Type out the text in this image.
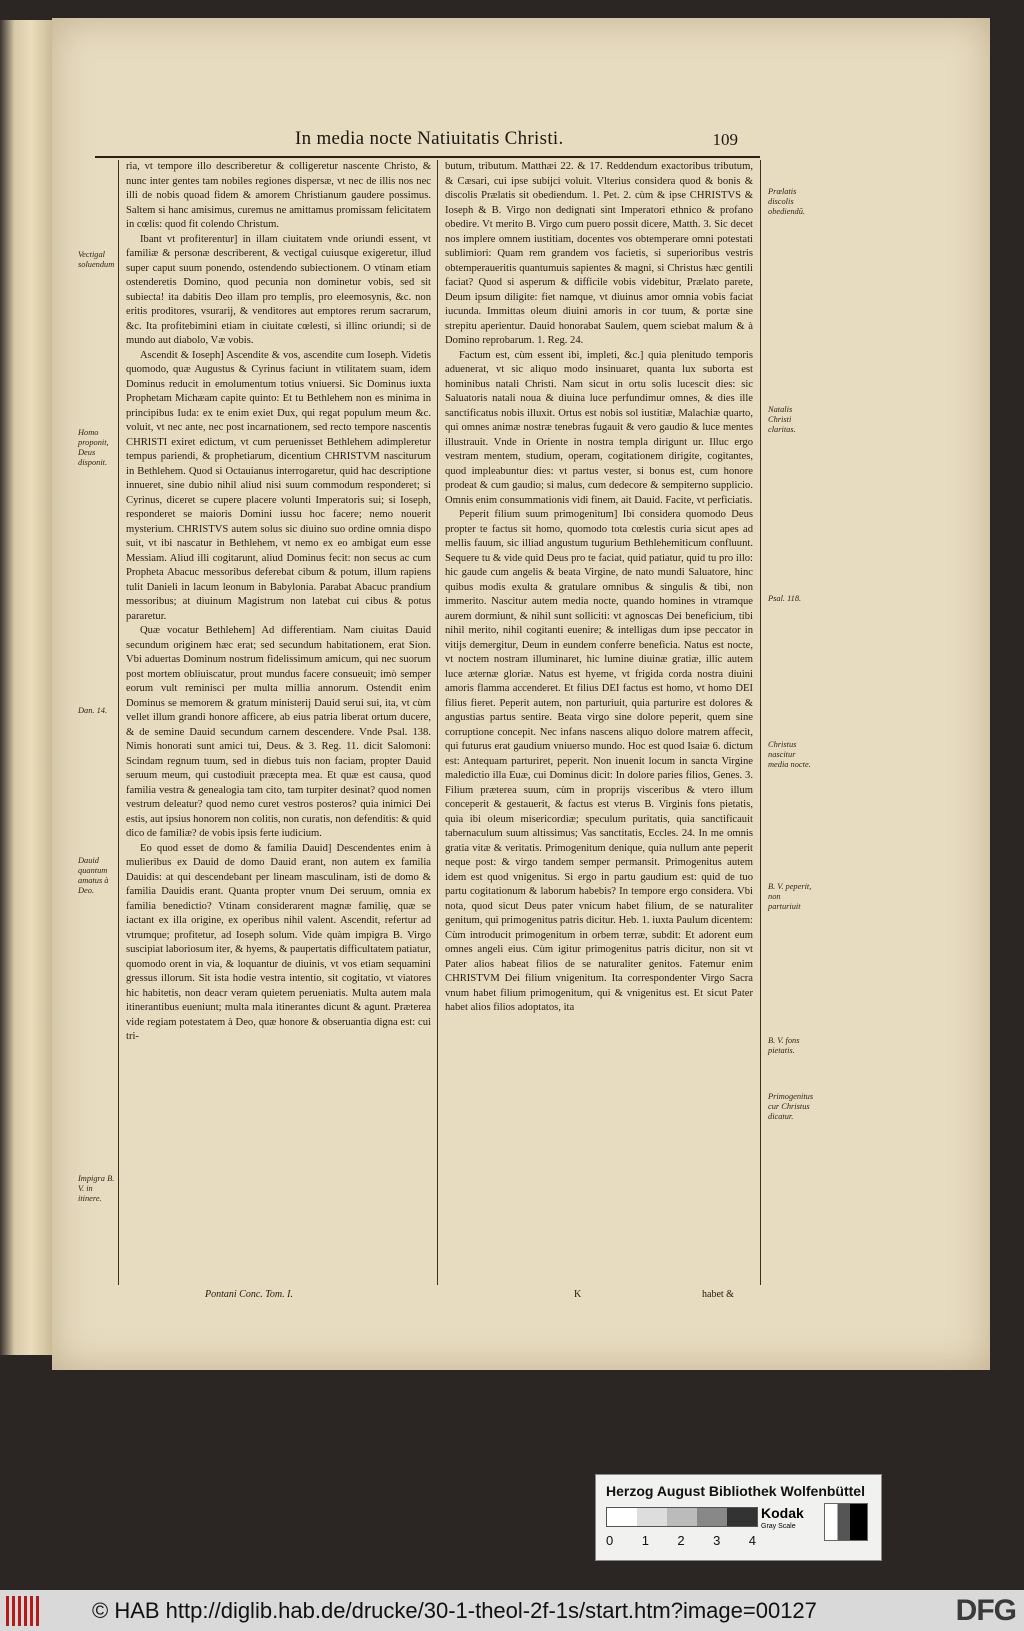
In media nocte Natiuitatis Christi.	109

ria, vt tempore illo describeretur & colligeretur nascente Christo, & nunc inter gentes tam nobiles regiones dispersæ, vt nec de illis nos nec illi de nobis quoad fidem & amorem Christianum gaudere possimus. Saltem si hanc amisimus, curemus ne amittamus promissam felicitatem in cœlis: quod fit colendo Christum.

Ibant vt profiterentur] in illam ciuitatem vnde oriundi essent, vt familiæ & personæ describerent, & vectigal cuiusque exigeretur, illud super caput suum ponendo, ostendendo subiectionem. O vtinam etiam ostenderetis Domino, quod pecunia non dominetur vobis, sed sit subiecta! ita dabitis Deo illam pro templis, pro eleemosynis, &c. non eritis proditores, vsurarij, & venditores aut emptores rerum sacrarum, &c. Ita profitebimini etiam in ciuitate cœlesti, si illinc oriundi; si de mundo aut diabolo, Væ vobis.

Ascendit & Ioseph] Ascendite & vos, ascendite cum Ioseph. Videtis quomodo, quæ Augustus & Cyrinus faciunt in vtilitatem suam, idem Dominus reducit in emolumentum totius vniuersi. Sic Dominus iuxta Prophetam Michæam capite quinto: Et tu Bethlehem non es minima in principibus Iuda: ex te enim exiet Dux, qui regat populum meum &c. voluit, vt nec ante, nec post incarnationem, sed recto tempore nascentis CHRISTI exiret edictum, vt cum peruenisset Bethlehem adimpleretur tempus pariendi, & prophetiarum, dicentium CHRISTVM nasciturum in Bethlehem. Quod si Octauianus interrogaretur, quid hac descriptione innueret, sine dubio nihil aliud nisi suum commodum responderet; si Cyrinus, diceret se cupere placere volunti Imperatoris sui; si Ioseph, responderet se maioris Domini iussu hoc facere; nemo nouerit mysterium. CHRISTVS autem solus sic diuino suo ordine omnia dispo suit, vt ibi nascatur in Bethlehem, vt nemo ex eo ambigat eum esse Messiam. Aliud illi cogitarunt, aliud Dominus fecit: non secus ac cum Propheta Abacuc messoribus deferebat cibum & potum, illum rapiens tulit Danieli in lacum leonum in Babylonia. Parabat Abacuc prandium messoribus; at diuinum Magistrum non latebat cui cibus & potus pararetur.

Quæ vocatur Bethlehem] Ad differentiam. Nam ciuitas Dauid secundum originem hæc erat; sed secundum habitationem, erat Sion. Vbi aduertas Dominum nostrum fidelissimum amicum, qui nec suorum post mortem obliuiscatur, prout mundus facere consueuit; imò semper eorum vult reminisci per multa millia annorum. Ostendit enim Dominus se memorem & gratum ministerij Dauid serui sui, ita, vt cùm vellet illum grandi honore afficere, ab eius patria liberat ortum ducere, & de semine Dauid secundum carnem descendere. Vnde Psal. 138. Nimis honorati sunt amici tui, Deus. & 3. Reg. 11. dicit Salomoni: Scindam regnum tuum, sed in diebus tuis non faciam, propter Dauid seruum meum, qui custodiuit præcepta mea. Et quæ est causa, quod familia vestra & genealogia tam cito, tam turpiter desinat? quod nomen vestrum deleatur? quod nemo curet vestros posteros? quia inimici Dei estis, aut ipsius honorem non colitis, non curatis, non defenditis: & quid dico de familiæ? de vobis ipsis ferte iudicium.

Eo quod esset de domo & familia Dauid] Descendentes enim à mulieribus ex Dauid de domo Dauid erant, non autem ex familia Dauidis: at qui descendebant per lineam masculinam, isti de domo & familia Dauidis erant. Quanta propter vnum Dei seruum, omnia ex familia benedictio? Vtinam considerarent magnæ familię, quæ se iactant ex illa origine, ex operibus nihil valent. Ascendit, refertur ad vtrumque; profitetur, ad Ioseph solum. Vide quàm impigra B. Virgo suscipiat laboriosum iter, & hyems, & paupertatis difficultatem patiatur, quomodo orent in via, & loquantur de diuinis, vt vos etiam sequamini gressus illorum. Sit ista hodie vestra intentio, sit cogitatio, vt viatores hic habitetis, non deacr veram quietem perueniatis. Multa autem mala itinerantibus eueniunt; multa mala itinerantes dicunt & agunt. Præterea vide regiam potestatem à Deo, quæ honore & obseruantia digna est: cui tri-

butum, tributum. Matthæi 22. & 17. Reddendum exactoribus tributum, & Cæsari, cui ipse subijci voluit. Vlterius considera quod & bonis & discolis Prælatis sit obediendum. 1. Pet. 2. cùm & ipse CHRISTVS & Ioseph & B. Virgo non dedignati sint Imperatori ethnico & profano obedire. Vt merito B. Virgo cum puero possit dicere, Matth. 3. Sic decet nos implere omnem iustitiam, docentes vos obtemperare omni potestati sublimiori: Quam rem grandem vos facietis, si superioribus vestris obtemperaueritis quantumuis sapientes & magni, si Christus hæc gentili faciat? Quod si asperum & difficile vobis videbitur, Prælato parete, Deum ipsum diligite: fiet namque, vt diuinus amor omnia vobis faciat iucunda. Immittas oleum diuini amoris in cor tuum, & portæ sine strepitu aperientur. Dauid honorabat Saulem, quem sciebat malum & à Domino reprobarum. 1. Reg. 24.

Factum est, cùm essent ibi, impleti, &c.] quia plenitudo temporis aduenerat, vt sic aliquo modo insinuaret, quanta lux suborta est hominibus natali Christi. Nam sicut in ortu solis lucescit dies: sic Saluatoris natali noua & diuina luce perfundimur omnes, & dies ille sanctificatus nobis illuxit. Ortus est nobis sol iustitiæ, Malachiæ quarto, qui omnes animæ nostræ tenebras fugauit & vero gaudio & luce mentes illustrauit. Vnde in Oriente in nostra templa dirigunt ur. Illuc ergo vestram mentem, studium, operam, cogitationem dirigite, cogitantes, quod impleabuntur dies: vt partus vester, si bonus est, cum honore prodeat & cum gaudio; si malus, cum dedecore & sempiterno supplicio. Omnis enim consummationis vidi finem, ait Dauid. Facite, vt perficiatis.

Peperit filium suum primogenitum] Ibi considera quomodo Deus propter te factus sit homo, quomodo tota cœlestis curia sicut apes ad mellis fauum, sic illiad angustum tugurium Bethlehemiticum confluunt. Sequere tu & vide quid Deus pro te faciat, quid patiatur, quid tu pro illo: hic gaude cum angelis & beata Virgine, de nato mundi Saluatore, hinc quibus modis exulta & gratulare omnibus & singulis & tibi, non immerito. Nascitur autem media nocte, quando homines in vtramque aurem dormiunt, & nihil sunt solliciti: vt agnoscas Dei beneficium, tibi nihil merito, nihil cogitanti euenire; & intelligas dum ipse peccator in vitijs demergitur, Deum in eundem conferre beneficia. Natus est nocte, vt noctem nostram illuminaret, hic lumine diuinæ gratiæ, illic autem luce æternæ gloriæ. Natus est hyeme, vt frigida corda nostra diuini amoris flamma accenderet. Et filius DEI factus est homo, vt homo DEI filius fieret. Peperit autem, non parturiuit, quia parturire est dolores & angustias partus sentire. Beata virgo sine dolore peperit, quem sine corruptione concepit. Nec infans nascens aliquo dolore matrem affecit, qui futurus erat gaudium vniuerso mundo. Hoc est quod Isaiæ 6. dictum est: Antequam parturiret, peperit. Non inuenit locum in sancta Virgine maledictio illa Euæ, cui Dominus dicit: In dolore paries filios, Genes. 3. Filium præterea suum, cùm in proprijs visceribus & vtero illum conceperit & gestauerit, & factus est vterus B. Virginis fons pietatis, quia ibi oleum misericordiæ; speculum puritatis, quia sanctificauit tabernaculum suum altissimus; Vas sanctitatis, Eccles. 24. In me omnis gratia vitæ & veritatis. Primogenitum denique, quia nullum ante peperit neque post: & virgo tandem semper permansit. Primogenitus autem idem est quod vnigenitus. Si ergo in partu gaudium est: quid de tuo partu cogitationum & laborum habebis? In tempore ergo considera. Vbi nota, quod sicut Deus pater vnicum habet filium, de se naturaliter genitum, qui primogenitus patris dicitur. Heb. 1. iuxta Paulum dicentem: Cùm introducit primogenitum in orbem terræ, subdit: Et adorent eum omnes angeli eius. Cùm igitur primogenitus patris dicitur, non sit vt Pater alios habeat filios de se naturaliter genitos. Fatemur enim CHRISTVM Dei filium vnigenitum. Ita correspondenter Virgo Sacra vnum habet filium primogenitum, qui & vnigenitus est. Et sicut Pater habet alios filios adoptatos, ita

Vectigal soluendum
Homo proponit, Deus disponit.
Dan. 14.
Dauid quantum amatus à Deo.
Impigra B. V. in itinere.
Prælatis discolis obediendū.
Natalis Christi claritas.
Psal. 118.
Christus nascitur media nocte.
B. V. peperit, non parturiuit
B. V. fons pietatis.
Primogenitus cur Christus dicatur.
Pontani Conc. Tom. I.	K	habet &
Herzog August Bibliothek Wolfenbüttel
0 1 2 3 4
Kodak
Gray Scale
© HAB http://diglib.hab.de/drucke/30-1-theol-2f-1s/start.htm?image=00127	DFG
